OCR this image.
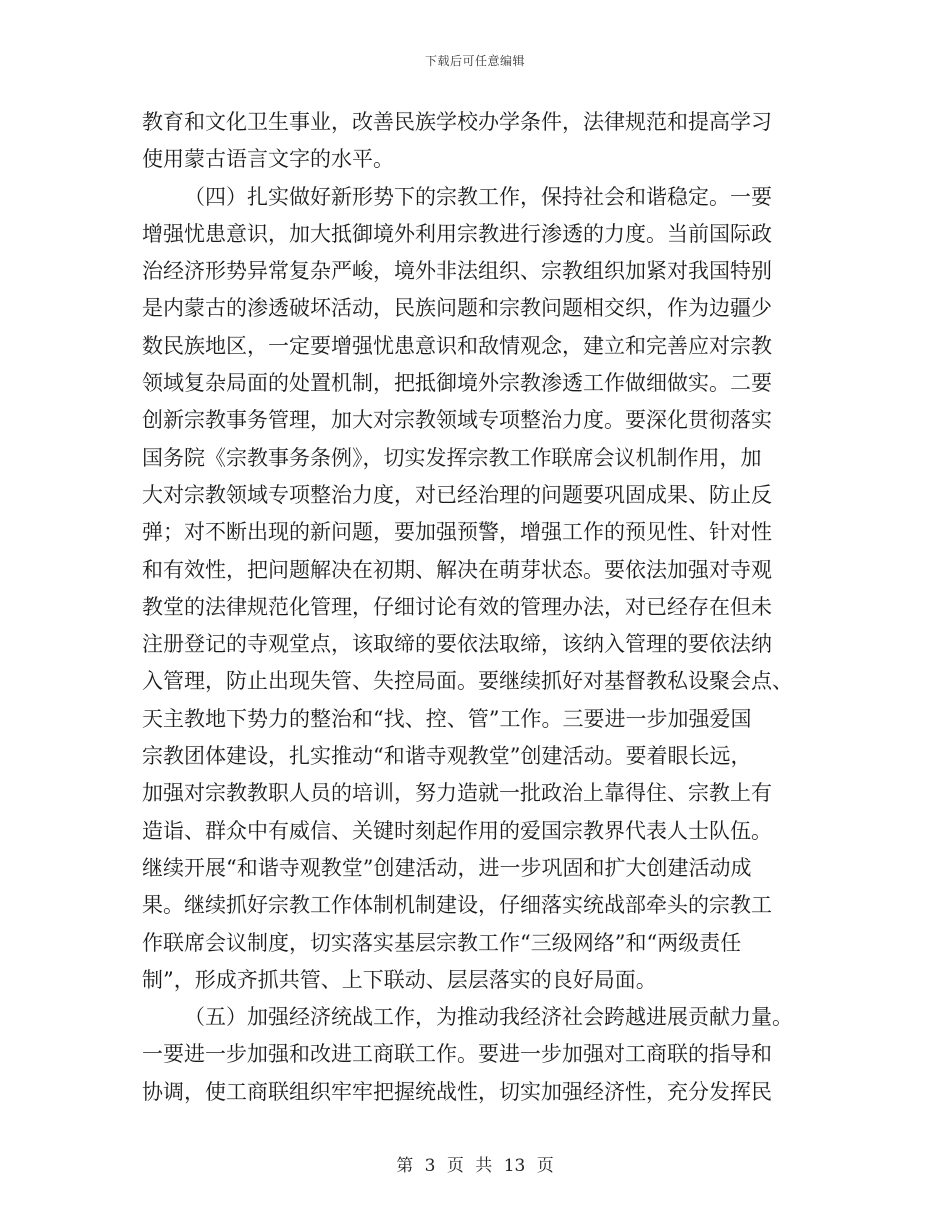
下载后可任意编辑
教育和文化卫生事业，改善民族学校办学条件，法律规范和提高学习
使用蒙古语言文字的水平。
（四）扎实做好新形势下的宗教工作，保持社会和谐稳定。一要
增强忧患意识，加大抵御境外利用宗教进行渗透的力度。当前国际政
治经济形势异常复杂严峻，境外非法组织、宗教组织加紧对我国特别
是内蒙古的渗透破坏活动，民族问题和宗教问题相交织，作为边疆少
数民族地区，一定要增强忧患意识和敌情观念，建立和完善应对宗教
领域复杂局面的处置机制，把抵御境外宗教渗透工作做细做实。二要
创新宗教事务管理，加大对宗教领域专项整治力度。要深化贯彻落实
国务院《宗教事务条例》，切实发挥宗教工作联席会议机制作用，加
大对宗教领域专项整治力度，对已经治理的问题要巩固成果、防止反
弹；对不断出现的新问题，要加强预警，增强工作的预见性、针对性
和有效性，把问题解决在初期、解决在萌芽状态。要依法加强对寺观
教堂的法律规范化管理，仔细讨论有效的管理办法，对已经存在但未
注册登记的寺观堂点，该取缔的要依法取缔，该纳入管理的要依法纳
入管理，防止出现失管、失控局面。要继续抓好对基督教私设聚会点、
天主教地下势力的整治和“找、控、管”工作。三要进一步加强爱国
宗教团体建设，扎实推动“和谐寺观教堂”创建活动。要着眼长远，
加强对宗教教职人员的培训，努力造就一批政治上靠得住、宗教上有
造诣、群众中有威信、关键时刻起作用的爱国宗教界代表人士队伍。
继续开展“和谐寺观教堂”创建活动，进一步巩固和扩大创建活动成
果。继续抓好宗教工作体制机制建设，仔细落实统战部牵头的宗教工
作联席会议制度，切实落实基层宗教工作“三级网络”和“两级责任
制”，形成齐抓共管、上下联动、层层落实的良好局面。
（五）加强经济统战工作，为推动我经济社会跨越进展贡献力量。
一要进一步加强和改进工商联工作。要进一步加强对工商联的指导和
协调，使工商联组织牢牢把握统战性，切实加强经济性，充分发挥民
第 3 页 共 13 页
